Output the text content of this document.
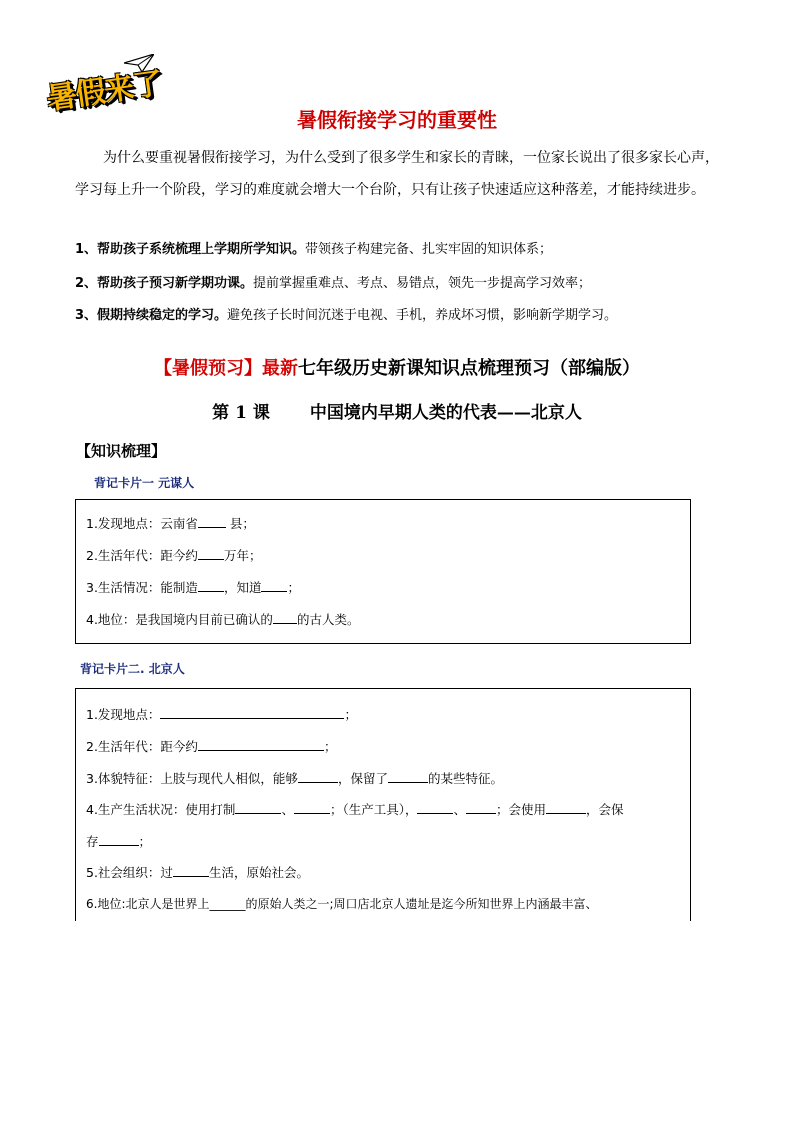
暑假来了
暑假衔接学习的重要性
为什么要重视暑假衔接学习，为什么受到了很多学生和家长的青睐，一位家长说出了很多家长心声，学习每上升一个阶段，学习的难度就会增大一个台阶，只有让孩子快速适应这种落差，才能持续进步。
1、帮助孩子系统梳理上学期所学知识。带领孩子构建完备、扎实牢固的知识体系；
2、帮助孩子预习新学期功课。提前掌握重难点、考点、易错点，领先一步提高学习效率；
3、假期持续稳定的学习。避免孩子长时间沉迷于电视、手机，养成坏习惯，影响新学期学习。
【暑假预习】最新七年级历史新课知识点梳理预习（部编版）
第 1 课 中国境内早期人类的代表——北京人
【知识梳理】
背记卡片一 元谋人
1.发现地点：云南省	县；
2.生活年代：距今约 万年；
3.生活情况：能制造 ，知道 ；
4.地位：是我国境内目前已确认的 的古人类。
背记卡片二. 北京人
1.发现地点：	；
2.生活年代：距今约	；
3.体貌特征：上肢与现代人相似，能够	，保留了	的某些特征。
4.生产生活状况：使用打制	、	；（生产工具），	、 ；会使用	，会保
存	；
5.社会组织：过	生活，原始社会。
6.地位:北京人是世界上______的原始人类之一;周口店北京人遗址是迄今所知世界上内涵最丰富、
